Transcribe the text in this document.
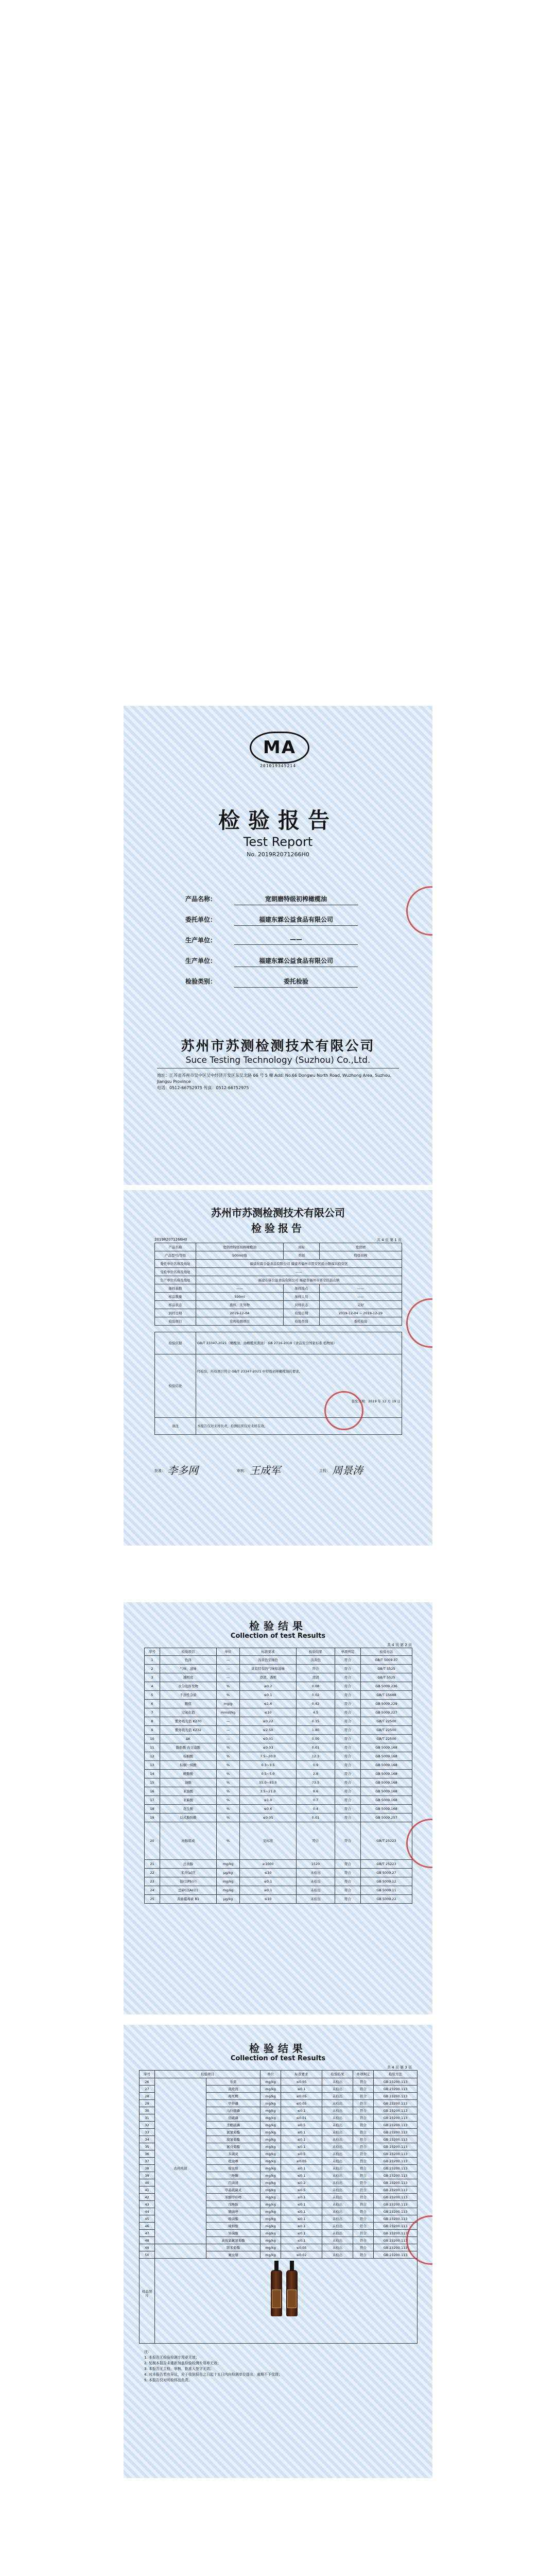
MA
201019345214
检验报告
Test Report
No. 2019R2071266H0
产品名称：	宽朗磨特级初榨橄榄油
委托单位：	福建东霖公益食品有限公司
生产单位：	——
生产单位：	福建东霖公益食品有限公司
检验类别：	委托检验
苏州市苏测检测技术有限公司
Suce Testing Technology (Suzhou) Co.,Ltd.
地址：江苏省苏州市吴中区吴中经济开发区东吴北路 66 号 5 幢 Add: No.66 Dongwu North Road, Wuzhong Area, Suzhou, Jiangsu Province
电话：0512-66752975 传真：0512-66752975
苏州市苏测检测技术有限公司
检验报告
2019R2071266H0	共 4 页 第 1 页
产品名称	宽朗磨特级初榨橄榄油	商标	宽朗磨
产品型号/等级	500ml/瓶	类别	特级初榨
委托单位名称及地址	福建东霖公益食品有限公司 福建省福州市晋安区鼓山镇福兴投资区		
受检单位名称及地址	——		
生产单位名称及地址	福建东霖公益食品有限公司 福建省福州市晋安区鼓山镇		
抽样基数	——	抽样地点	——
样品数量	500ml	抽样人员	——
样品状态	液体，无异物	封样状态	完好
到样日期	2019-12-04	检验日期	2019-12-04 ~ 2019-12-19
检验项目	常规检测项目	检验类别	委托检验
检验依据	GB/T 23347-2021《橄榄油、油橄榄果渣油》 GB 2716-2018《食品安全国家标准 植物油》
检验结论	经检验，所检项目符合 GB/T 23347-2021 中特级初榨橄榄油的要求。
签发日期：2019 年 12 月 19 日

备注	本报告仅对来样负责，检测结果仅对来样有效。
批准： 李多网	审核： 王成军	主检： 周景涛
检验结果
Collection of test Results
共 4 页 第 2 页
序号	检验项目	单位	标准要求	检验结果	单项判定	检验方法
1	色泽	—	浅黄色至绿色	浅黄色	符合	GB/T 5009.37
2	气味、滋味	—	具有特有的气味和滋味	符合	符合	GB/T 5525
3	透明度	—	澄清、透明	澄清	符合	GB/T 5525
4	水分及挥发物	%	≤0.2	0.08	符合	GB 5009.236
5	不溶性杂质	%	≤0.1	0.02	符合	GB/T 15688
6	酸值	mg/g	≤1.6	0.42	符合	GB 5009.229
7	过氧化值	mmol/kg	≤10	4.5	符合	GB 5009.227
8	紫外吸光值 K270	—	≤0.22	0.15	符合	GB/T 22500
9	紫外吸光值 K232	—	≤2.50	1.80	符合	GB/T 22500
10	ΔK	—	≤0.01	0.00	符合	GB/T 22500
11	脂肪酸 肉豆蔻酸	%	≤0.03	0.01	符合	GB 5009.168
12	棕榈酸	%	7.5~20.0	12.3	符合	GB 5009.168
13	棕榈一烯酸	%	0.3~3.5	0.9	符合	GB 5009.168
14	硬脂酸	%	0.5~5.0	2.8	符合	GB 5009.168
15	油酸	%	55.0~83.0	73.5	符合	GB 5009.168
16	亚油酸	%	3.5~21.0	8.6	符合	GB 5009.168
17	亚麻酸	%	≤1.0	0.7	符合	GB 5009.168
18	花生酸	%	≤0.6	0.4	符合	GB 5009.168
19	反式脂肪酸	%	≤0.05	0.01	符合	GB 5009.257
20	甾醇组成	%	见标准	符合	符合	GB/T 25223
21	总甾醇	mg/kg	≥1000	1520	符合	GB/T 25223
22	苯并[a]芘	μg/kg	≤10	未检出	符合	GB 5009.27
23	铅(以Pb计)	mg/kg	≤0.1	未检出	符合	GB 5009.12
24	总砷(以As计)	mg/kg	≤0.1	未检出	符合	GB 5009.11
25	黄曲霉毒素 B1	μg/kg	≤10	未检出	符合	GB 5009.22
检验结果
Collection of test Results
共 4 页 第 3 页
序号	检验项目		单位	标准要求	检验结果	单项判定	检验方法
26	农药残留	乐果	mg/kg	≤0.05	未检出	符合	GB 23200.113
27		敌敌畏	mg/kg	≤0.1	未检出	符合	GB 23200.113
28		毒死蜱	mg/kg	≤0.05	未检出	符合	GB 23200.113
29		甲拌磷	mg/kg	≤0.05	未检出	符合	GB 23200.113
30		马拉硫磷	mg/kg	≤0.1	未检出	符合	GB 23200.113
31		倍硫磷	mg/kg	≤0.01	未检出	符合	GB 23200.113
32		杀螟硫磷	mg/kg	≤0.5	未检出	符合	GB 23200.113
33		氯氰菊酯	mg/kg	≤0.1	未检出	符合	GB 23200.113
34		溴氰菊酯	mg/kg	≤0.1	未检出	符合	GB 23200.113
35		氰戊菊酯	mg/kg	≤0.1	未检出	符合	GB 23200.113
36		多菌灵	mg/kg	≤0.5	未检出	符合	GB 23200.113
37		吡虫啉	mg/kg	≤0.05	未检出	符合	GB 23200.113
38		啶虫脒	mg/kg	≤0.1	未检出	符合	GB 23200.113
39		三唑酮	mg/kg	≤0.1	未检出	符合	GB 23200.113
40		百菌清	mg/kg	≤0.2	未检出	符合	GB 23200.113
41		甲基硫菌灵	mg/kg	≤0.5	未检出	符合	GB 23200.113
42		苯醚甲环唑	mg/kg	≤0.1	未检出	符合	GB 23200.113
43		戊唑醇	mg/kg	≤0.1	未检出	符合	GB 23200.113
44		腈菌唑	mg/kg	≤0.1	未检出	符合	GB 23200.113
45		嘧菌酯	mg/kg	≤0.1	未检出	符合	GB 23200.113
46		咪鲜胺	mg/kg	≤0.1	未检出	符合	GB 23200.113
47		异菌脲	mg/kg	≤0.1	未检出	符合	GB 23200.113
48		高效氯氟氰菊酯	mg/kg	≤0.1	未检出	符合	GB 23200.113
49		联苯菊酯	mg/kg	≤0.05	未检出	符合	GB 23200.113
50		氟虫腈	mg/kg	≤0.02	未检出	符合	GB 23200.113
样品照片	
注：
1. 本报告无检验检测专用章无效；
2. 复制本报告未重新加盖检验检测专用章无效；
3. 本报告无主检、审核、批准人签字无效；
4. 对本报告若有异议，应于收到报告之日起十五日内向检测单位提出，逾期不予受理；
5. 本报告仅对所检样品负责。
